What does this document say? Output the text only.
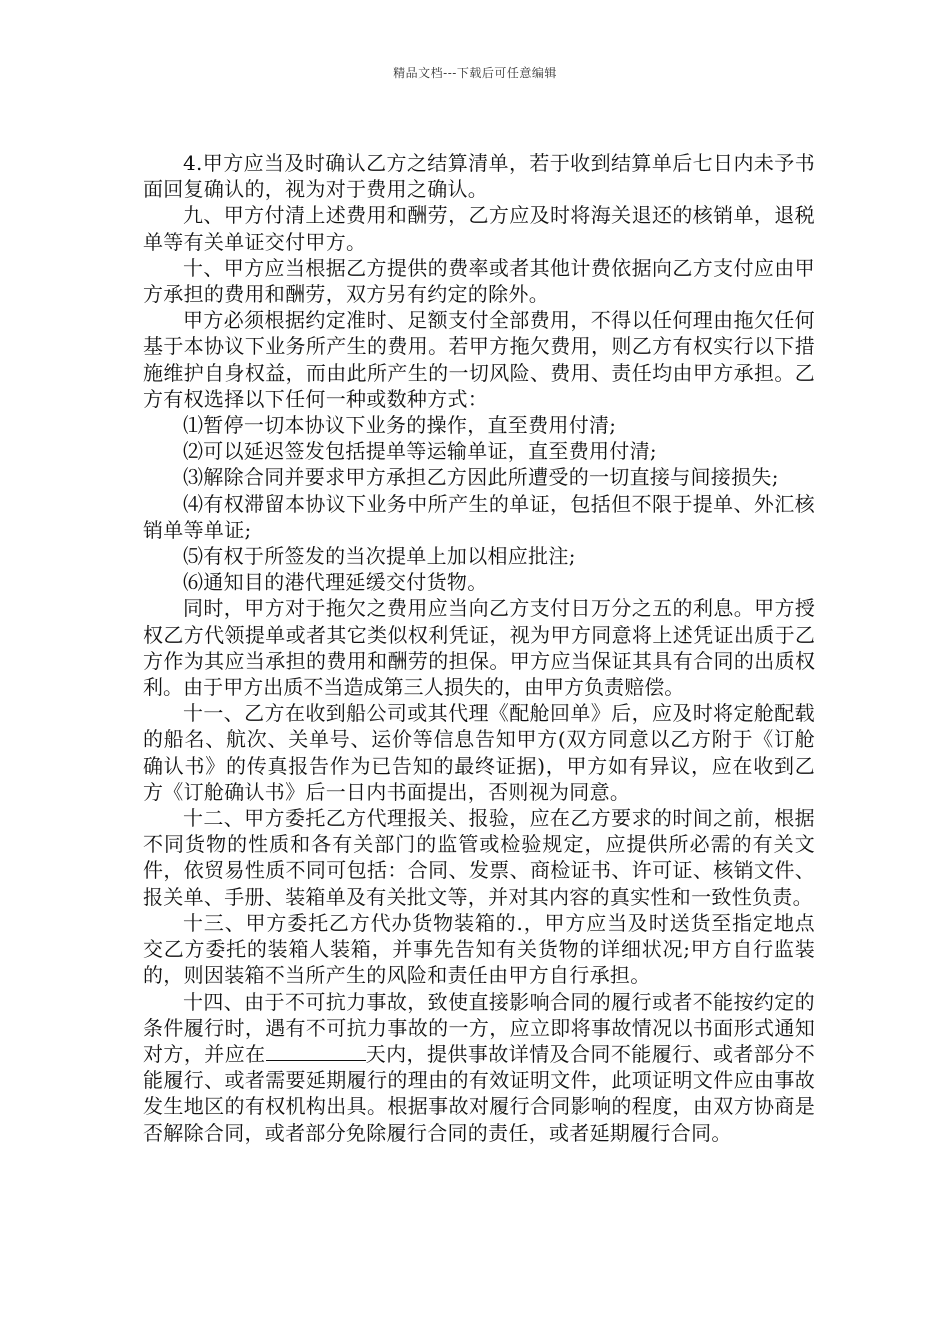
精品文档---下载后可任意编辑

4.甲方应当及时确认乙方之结算清单，若于收到结算单后七日内未予书面回复确认的，视为对于费用之确认。

九、甲方付清上述费用和酬劳，乙方应及时将海关退还的核销单，退税单等有关单证交付甲方。

十、甲方应当根据乙方提供的费率或者其他计费依据向乙方支付应由甲方承担的费用和酬劳，双方另有约定的除外。

甲方必须根据约定准时、足额支付全部费用，不得以任何理由拖欠任何基于本协议下业务所产生的费用。若甲方拖欠费用，则乙方有权实行以下措施维护自身权益，而由此所产生的一切风险、费用、责任均由甲方承担。乙方有权选择以下任何一种或数种方式：

⑴暂停一切本协议下业务的操作，直至费用付清;

⑵可以延迟签发包括提单等运输单证，直至费用付清;

⑶解除合同并要求甲方承担乙方因此所遭受的一切直接与间接损失;

⑷有权滞留本协议下业务中所产生的单证，包括但不限于提单、外汇核销单等单证;

⑸有权于所签发的当次提单上加以相应批注;

⑹通知目的港代理延缓交付货物。

同时，甲方对于拖欠之费用应当向乙方支付日万分之五的利息。甲方授权乙方代领提单或者其它类似权利凭证，视为甲方同意将上述凭证出质于乙方作为其应当承担的费用和酬劳的担保。甲方应当保证其具有合同的出质权利。由于甲方出质不当造成第三人损失的，由甲方负责赔偿。

十一、乙方在收到船公司或其代理《配舱回单》后，应及时将定舱配载的船名、航次、关单号、运价等信息告知甲方(双方同意以乙方附于《订舱确认书》的传真报告作为已告知的最终证据)，甲方如有异议，应在收到乙方《订舱确认书》后一日内书面提出，否则视为同意。

十二、甲方委托乙方代理报关、报验，应在乙方要求的时间之前，根据不同货物的性质和各有关部门的监管或检验规定，应提供所必需的有关文件，依贸易性质不同可包括：合同、发票、商检证书、许可证、核销文件、报关单、手册、装箱单及有关批文等，并对其内容的真实性和一致性负责。

十三、甲方委托乙方代办货物装箱的.，甲方应当及时送货至指定地点交乙方委托的装箱人装箱，并事先告知有关货物的详细状况;甲方自行监装的，则因装箱不当所产生的风险和责任由甲方自行承担。

十四、由于不可抗力事故，致使直接影响合同的履行或者不能按约定的条件履行时，遇有不可抗力事故的一方，应立即将事故情况以书面形式通知对方，并应在	天内，提供事故详情及合同不能履行、或者部分不能履行、或者需要延期履行的理由的有效证明文件，此项证明文件应由事故发生地区的有权机构出具。根据事故对履行合同影响的程度，由双方协商是否解除合同，或者部分免除履行合同的责任，或者延期履行合同。
